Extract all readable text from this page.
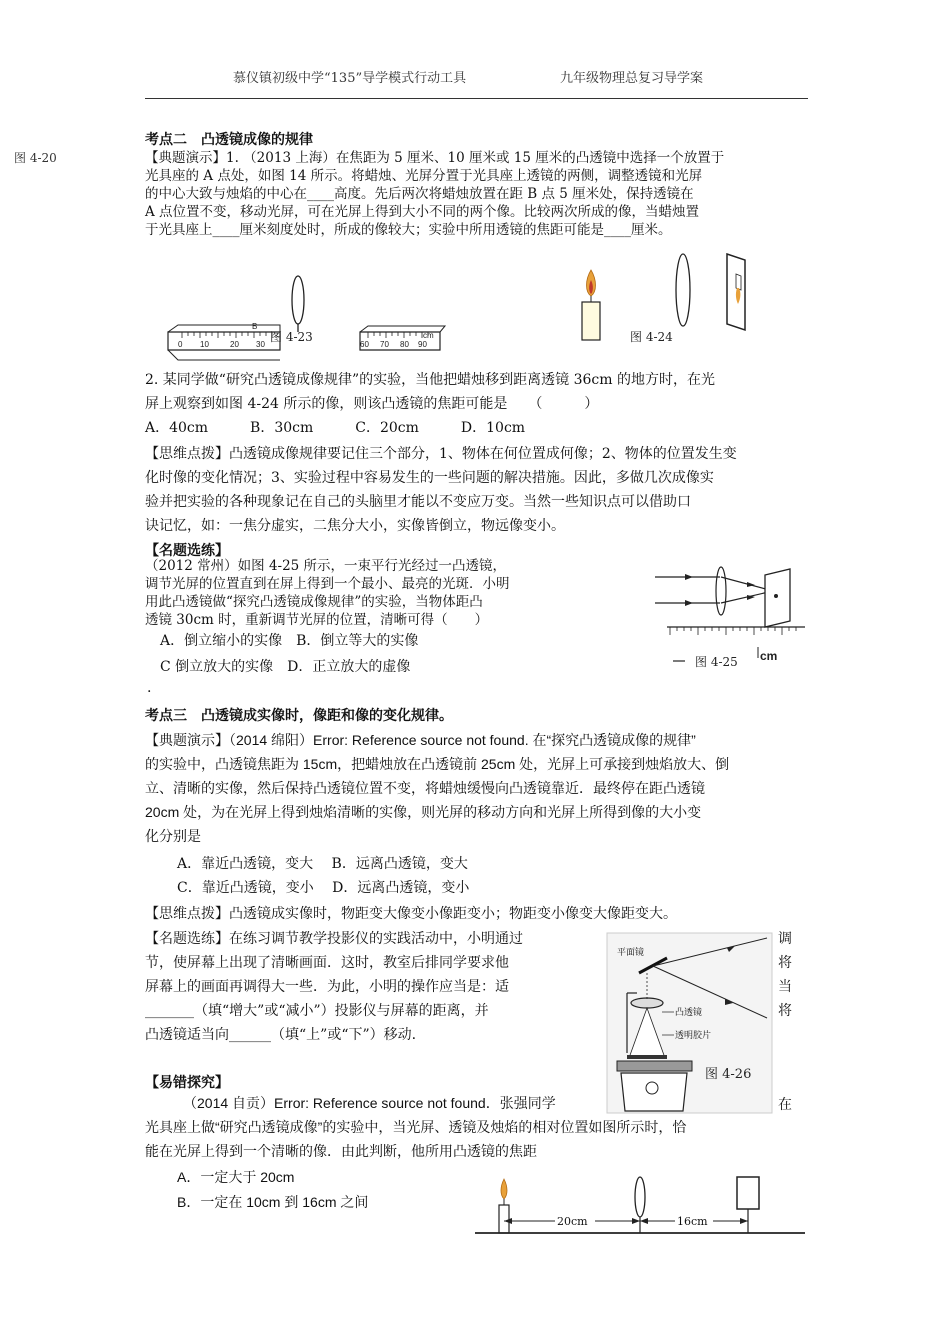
慕仪镇初级中学“135”导学模式行动工具	九年级物理总复习导学案
图 4-20
考点二　凸透镜成像的规律
【典题演示】1. （2013 上海）在焦距为 5 厘米、10 厘米或 15 厘米的凸透镜中选择一个放置于
光具座的 A 点处，如图 14 所示。将蜡烛、光屏分置于光具座上透镜的两侧，调整透镜和光屏
的中心大致与烛焰的中心在____高度。先后两次将蜡烛放置在距 B 点 5 厘米处，保持透镜在
A 点位置不变，移动光屏，可在光屏上得到大小不同的两个像。比较两次所成的像，当蜡烛置
于光具座上____厘米刻度处时，所成的像较大；实验中所用透镜的焦距可能是____厘米。
0 10	20 30	60 70 80 90
cm
B
图 4-23	图 4-24
2. 某同学做“研究凸透镜成像规律”的实验，当他把蜡烛移到距离透镜 36cm 的地方时，在光
屏上观察到如图 4-24 所示的像，则该凸透镜的焦距可能是　　（　　　）
A．40cm　　　B．30cm　　　C．20cm　　　D．10cm
【思维点拨】凸透镜成像规律要记住三个部分，1、物体在何位置成何像；2、物体的位置发生变
化时像的变化情况；3、实验过程中容易发生的一些问题的解决措施。因此，多做几次成像实
验并把实验的各种现象记在自己的头脑里才能以不变应万变。当然一些知识点可以借助口
诀记忆，如：一焦分虚实，二焦分大小，实像皆倒立，物远像变小。
【名题选练】
（2012 常州）如图 4-25 所示，一束平行光经过一凸透镜，
调节光屏的位置直到在屏上得到一个最小、最亮的光斑．小明
用此凸透镜做“探究凸透镜成像规律”的实验，当物体距凸
透镜 30cm 时，重新调节光屏的位置，清晰可得（　　）
A．倒立缩小的实像　B．倒立等大的实像
C 倒立放大的实像　D．正立放大的虚像
.
图 4-25 cm
考点三　凸透镜成实像时，像距和像的变化规律。
【典题演示】（2014 绵阳）Error: Reference source not found. 在“探究凸透镜成像的规律”
的实验中，凸透镜焦距为 15cm，把蜡烛放在凸透镜前 25cm 处，光屏上可承接到烛焰放大、倒
立、清晰的实像，然后保持凸透镜位置不变，将蜡烛缓慢向凸透镜靠近．最终停在距凸透镜
20cm 处，为在光屏上得到烛焰清晰的实像，则光屏的移动方向和光屏上所得到像的大小变
化分别是
A．靠近凸透镜，变大　 B．远离凸透镜，变大
C．靠近凸透镜，变小　 D．远离凸透镜，变小
【思维点拨】凸透镜成实像时，物距变大像变小像距变小；物距变小像变大像距变大。
【名题选练】在练习调节教学投影仪的实践活动中，小明通过
节，使屏幕上出现了清晰画面．这时，教室后排同学要求他
屏幕上的画面再调得大一些．为此，小明的操作应当是：适
_______（填“增大”或“减小”）投影仪与屏幕的距离，并
凸透镜适当向______（填“上”或“下”）移动.
调
将
当
将
平面镜
凸透镜
透明胶片
图 4-26
【易错探究】
（2014 自贡）Error: Reference source not found．张强同学
光具座上做“研究凸透镜成像”的实验中，当光屏、透镜及烛焰的相对位置如图所示时，恰
能在光屏上得到一个清晰的像．由此判断，他所用凸透镜的焦距
在
A．一定大于 20cm
B．一定在 10cm 到 16cm 之间
20cm	16cm
